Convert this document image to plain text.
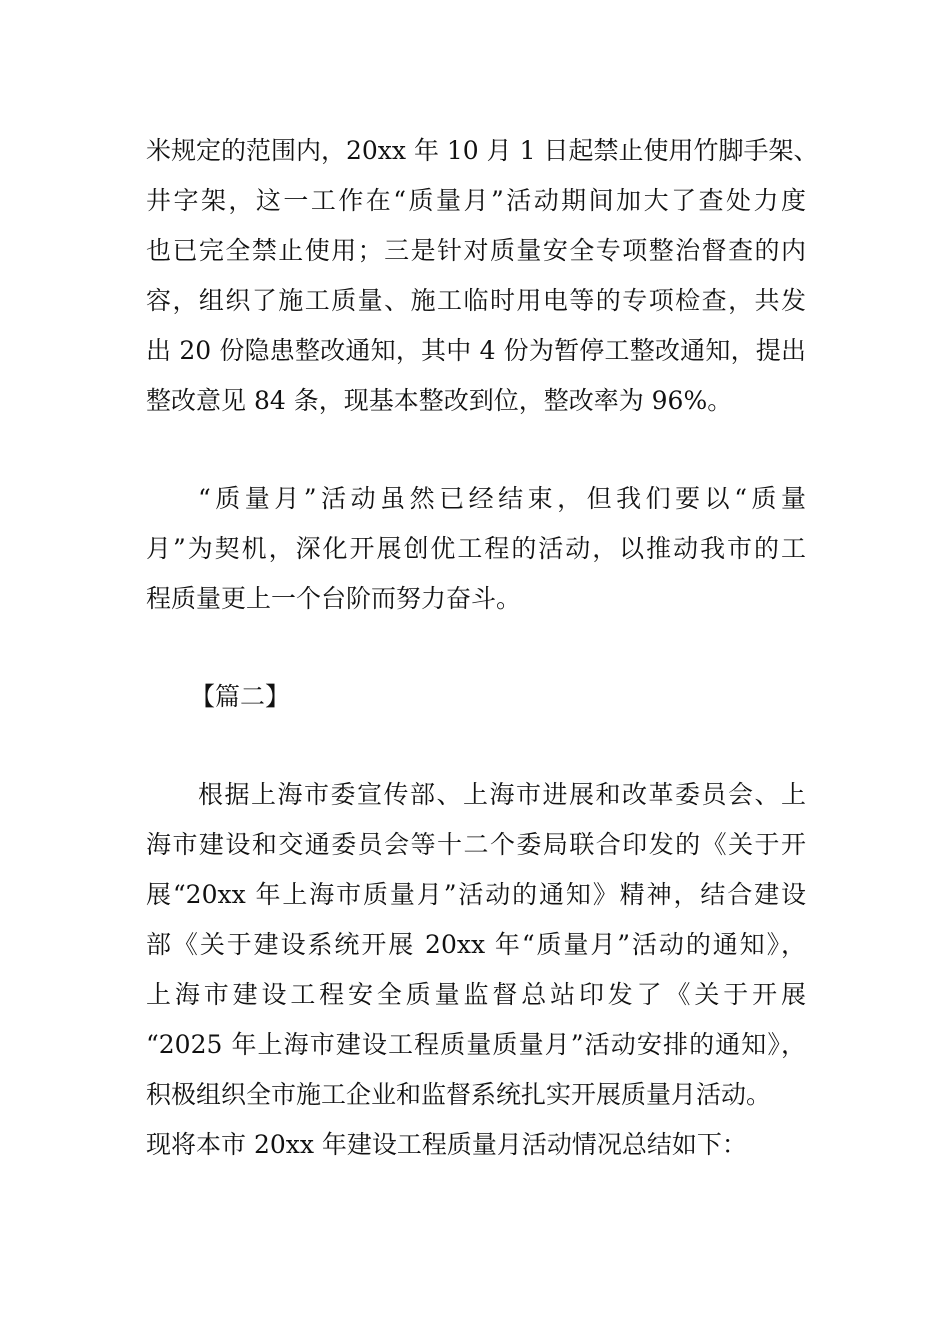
米规定的范围内，20xx 年 10 月 1 日起禁止使用竹脚手架、
井字架，这一工作在“质量月”活动期间加大了查处力度
也已完全禁止使用；三是针对质量安全专项整治督查的内
容，组织了施工质量、施工临时用电等的专项检查，共发
出 20 份隐患整改通知，其中 4 份为暂停工整改通知，提出
整改意见 84 条，现基本整改到位，整改率为 96%。
“质量月”活动虽然已经结束，但我们要以“质量
月”为契机，深化开展创优工程的活动，以推动我市的工
程质量更上一个台阶而努力奋斗。
【篇二】
根据上海市委宣传部、上海市进展和改革委员会、上
海市建设和交通委员会等十二个委局联合印发的《关于开
展“20xx 年上海市质量月”活动的通知》精神，结合建设
部《关于建设系统开展 20xx 年“质量月”活动的通知》，
上海市建设工程安全质量监督总站印发了《关于开展
“2025 年上海市建设工程质量质量月”活动安排的通知》，
积极组织全市施工企业和监督系统扎实开展质量月活动。
现将本市 20xx 年建设工程质量月活动情况总结如下：
